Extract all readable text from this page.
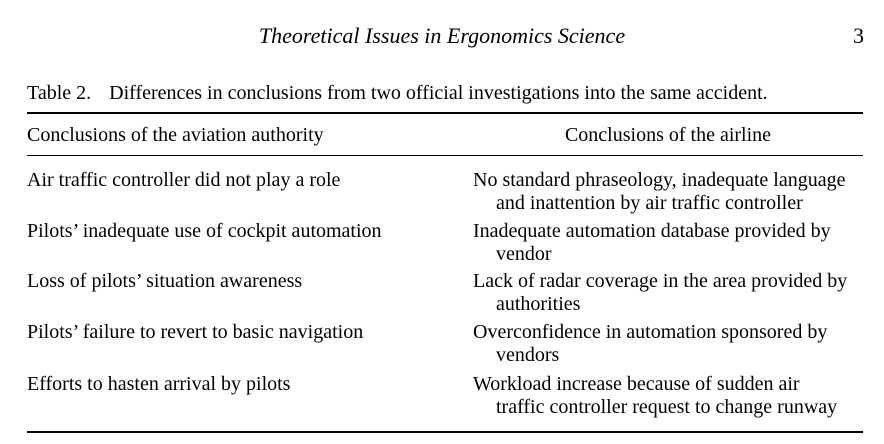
Theoretical Issues in Ergonomics Science	3
Table 2. Differences in conclusions from two official investigations into the same accident.
Conclusions of the aviation authority	Conclusions of the airline
Air traffic controller did not play a role	No standard phraseology, inadequate language
and inattention by air traffic controller
Pilots’ inadequate use of cockpit automation	Inadequate automation database provided by
vendor
Loss of pilots’ situation awareness	Lack of radar coverage in the area provided by
authorities
Pilots’ failure to revert to basic navigation	Overconfidence in automation sponsored by
vendors
Efforts to hasten arrival by pilots	Workload increase because of sudden air
traffic controller request to change runway
